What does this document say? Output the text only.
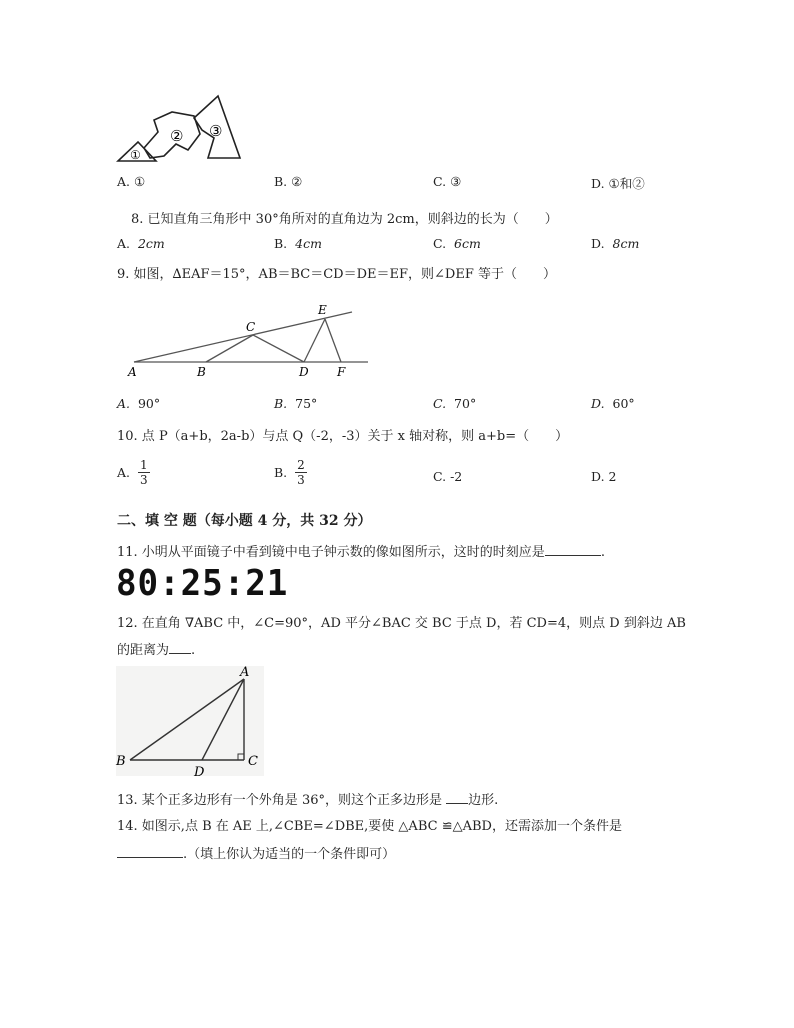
①
② ③
A. ①	B. ②	C. ③	D. ①和②
8. 已知直角三角形中 30°角所对的直角边为 2cm，则斜边的长为（　　）
A. 2cm	B. 4cm	C. 6cm	D. 8cm
9. 如图，∆EAF＝15°，AB＝BC＝CD＝DE＝EF，则∠DEF 等于（　　）
A	B
C
D
E
F
A. 90°	B. 75°	C. 70°	D. 60°
10. 点 P（a+b，2a-b）与点 Q（-2，-3）关于 x 轴对称，则 a+b=（　　）
A. $\frac{1}{3}$	B. $\frac{2}{3}$	C. -2	D. 2
二、填 空 题（每小题 4 分，共 32 分）
11. 小明从平面镜子中看到镜中电子钟示数的像如图所示，这时的时刻应是	.
80:25:21
12. 在直角 ∇ABC 中，∠C=90°，AD 平分∠BAC 交 BC 于点 D，若 CD=4，则点 D 到斜边 AB
的距离为 .
A
B	C
D
13. 某个正多边形有一个外角是 36°，则这个正多边形是 边形.
14. 如图示,点 B 在 AE 上,∠CBE=∠DBE,要使 △ABC ≌△ABD，还需添加一个条件是
.（填上你认为适当的一个条件即可）
